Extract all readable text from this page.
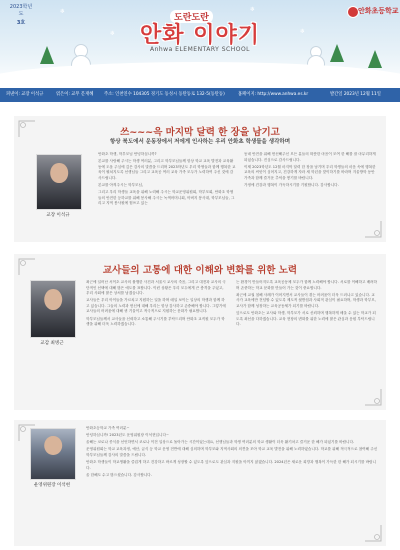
❄
❄	❄
❄
2023학년도
3호
안화초등학교
도란도란
안화 이야기
Anhwa ELEMENTARY SCHOOL
펴낸이: 교장 이석규	엮은이: 교무 문재혜 주소: 인천연수 104305 경기도 동성시 동탄동로 132-5(동탄동)	홈페이지: http://www.anhwa.es.kr	발간일 2023년 12월 11일
쓰~~~윽 마지막 달력 한 장을 남기고
항상 북도에서 운동장에서 저에게 인사하는 우리 안화초 학생들을 생각하며
교장 이석규

안화초 학생, 학부모님 안녕하십니까?

본교를 사랑해 주시는 학생 여러분, 그리고 학부모님들께 항상 학교 교육 발전과 교육활동에 도움 주심에 깊은 감사의 말씀을 드리며 2023학년도 우리 학생들과 함께 행복한 교육이 펼쳐지도록 선생님들 그리고 교육공 여러 교육 가족 모두가 노력하여 주신 것에 감사드립니다.

본교를 아껴주시는 학부모님,

그리고 우리 학생들 교육을 위해 노력해 주시는 학교운영위원회, 학부모회, 안화초 학생들의 안전한 등하교를 위해 봉사해 주시는 녹색어머니회, 아버지 봉사대, 학부모님들, 그리고 지역 봉사원에 힘쓰고 있는

동네 안전을 위해 헌신해주신 모든 분들의 따뜻한 마음이 모여 한 해를 잘 마무리하게 되었습니다. 진심으로 감사드립니다.

이제 2023학년도 12월 마지막 달력 한 장을 남기며 우리 학생들의 마음 속에 행복한 교육의 씨앗이 심어지고, 건강하게 자라 새 학년을 맞이하기를 바라며 겨울방학 동안 가족과 함께 즐거운 추억을 쌓기를 바랍니다.

가정에 건강과 행복이 가득하시기를 기원합니다. 감사합니다.

교사들의 고통에 대한 이해와 변화를 위한 노력
교감 최병근

최근에 일어난 서이초 교사의 불행한 사건과 서울시 교사의 죽음, 그리고 대전과 교사의 극단적인 선택에 대해 많은 애도를 표합니다. 이런 상황은 우리 모두에게 큰 충격을 주었고, 우리 사회에 많은 상처를 남겼습니다.

교사들은 우리 아이들을 가르치고 지원하는 일을 하며 매일 보이는 일상의 학생과 함께 하고 있습니다. 그들의 노력과 헌신에 대해 우리는 항상 감사하고 존중해야 합니다. 그렇기에 교사들의 어려움에 대해 귀 기울이고 적극적으로 지원하는 문화가 필요합니다.

학부모님들께서 교사들을 신뢰하고 소통해 주시기를 부탁드리며 안화초 교직원 모두가 학생을 위해 더욱 노력하겠습니다.

는 환경이 만들어지도록 교육공동체 모두가 함께 노력해야 합니다. 서로를 이해하고 배려하며 존중하는 학교 문화를 만들어 가는 것이 중요합니다.

최근에 교권 침해 사례가 이어지면서 교사들이 겪는 어려움이 더욱 드러나고 있습니다. 교사가 교육에만 전념할 수 있도록 제도적 뒷받침과 사회적 관심이 필요하며, 학생과 학부모, 교사가 함께 성장하는 교육공동체가 되기를 바랍니다.

앞으로도 안화초는 교사와 학생, 학부모가 서로 신뢰하며 행복하게 배울 수 있는 학교가 되도록 최선을 다하겠습니다. 교육 현장의 변화를 위한 노력에 많은 관심과 응원 부탁드립니다.

운영위원장 이석현

안화초등학교 가족 여러분~

안녕하십니까! 2023년도 운영위원장 이석현입니다~

올해는 코로나 종식을 선언하면서 코로나 이전 일상으로 돌아가는 시간이었는데요, 선생님들과 학생 여러분의 학교 생활이 더욱 활기차고 즐거운 한 해가 되었기를 바랍니다.

운영위원회는 학교 교육과정, 예산, 급식 등 학교 운영 전반에 대해 심의하며 학부모와 지역사회의 의견을 모아 학교 교육 발전을 위해 노력하였습니다. 학교를 위해 적극적으로 참여해 주신 학부모님들께 감사의 말씀을 드립니다.

안화초 학생들이 학교생활을 즐겁게 하고 건강하고 바르게 성장할 수 있도록 앞으로도 관심과 지원을 아끼지 않겠습니다. 2024년은 새로운 희망과 행복이 가득한 한 해가 되시기를 바랍니다.

올 한해도 수고 많으셨습니다. 감사합니다.
